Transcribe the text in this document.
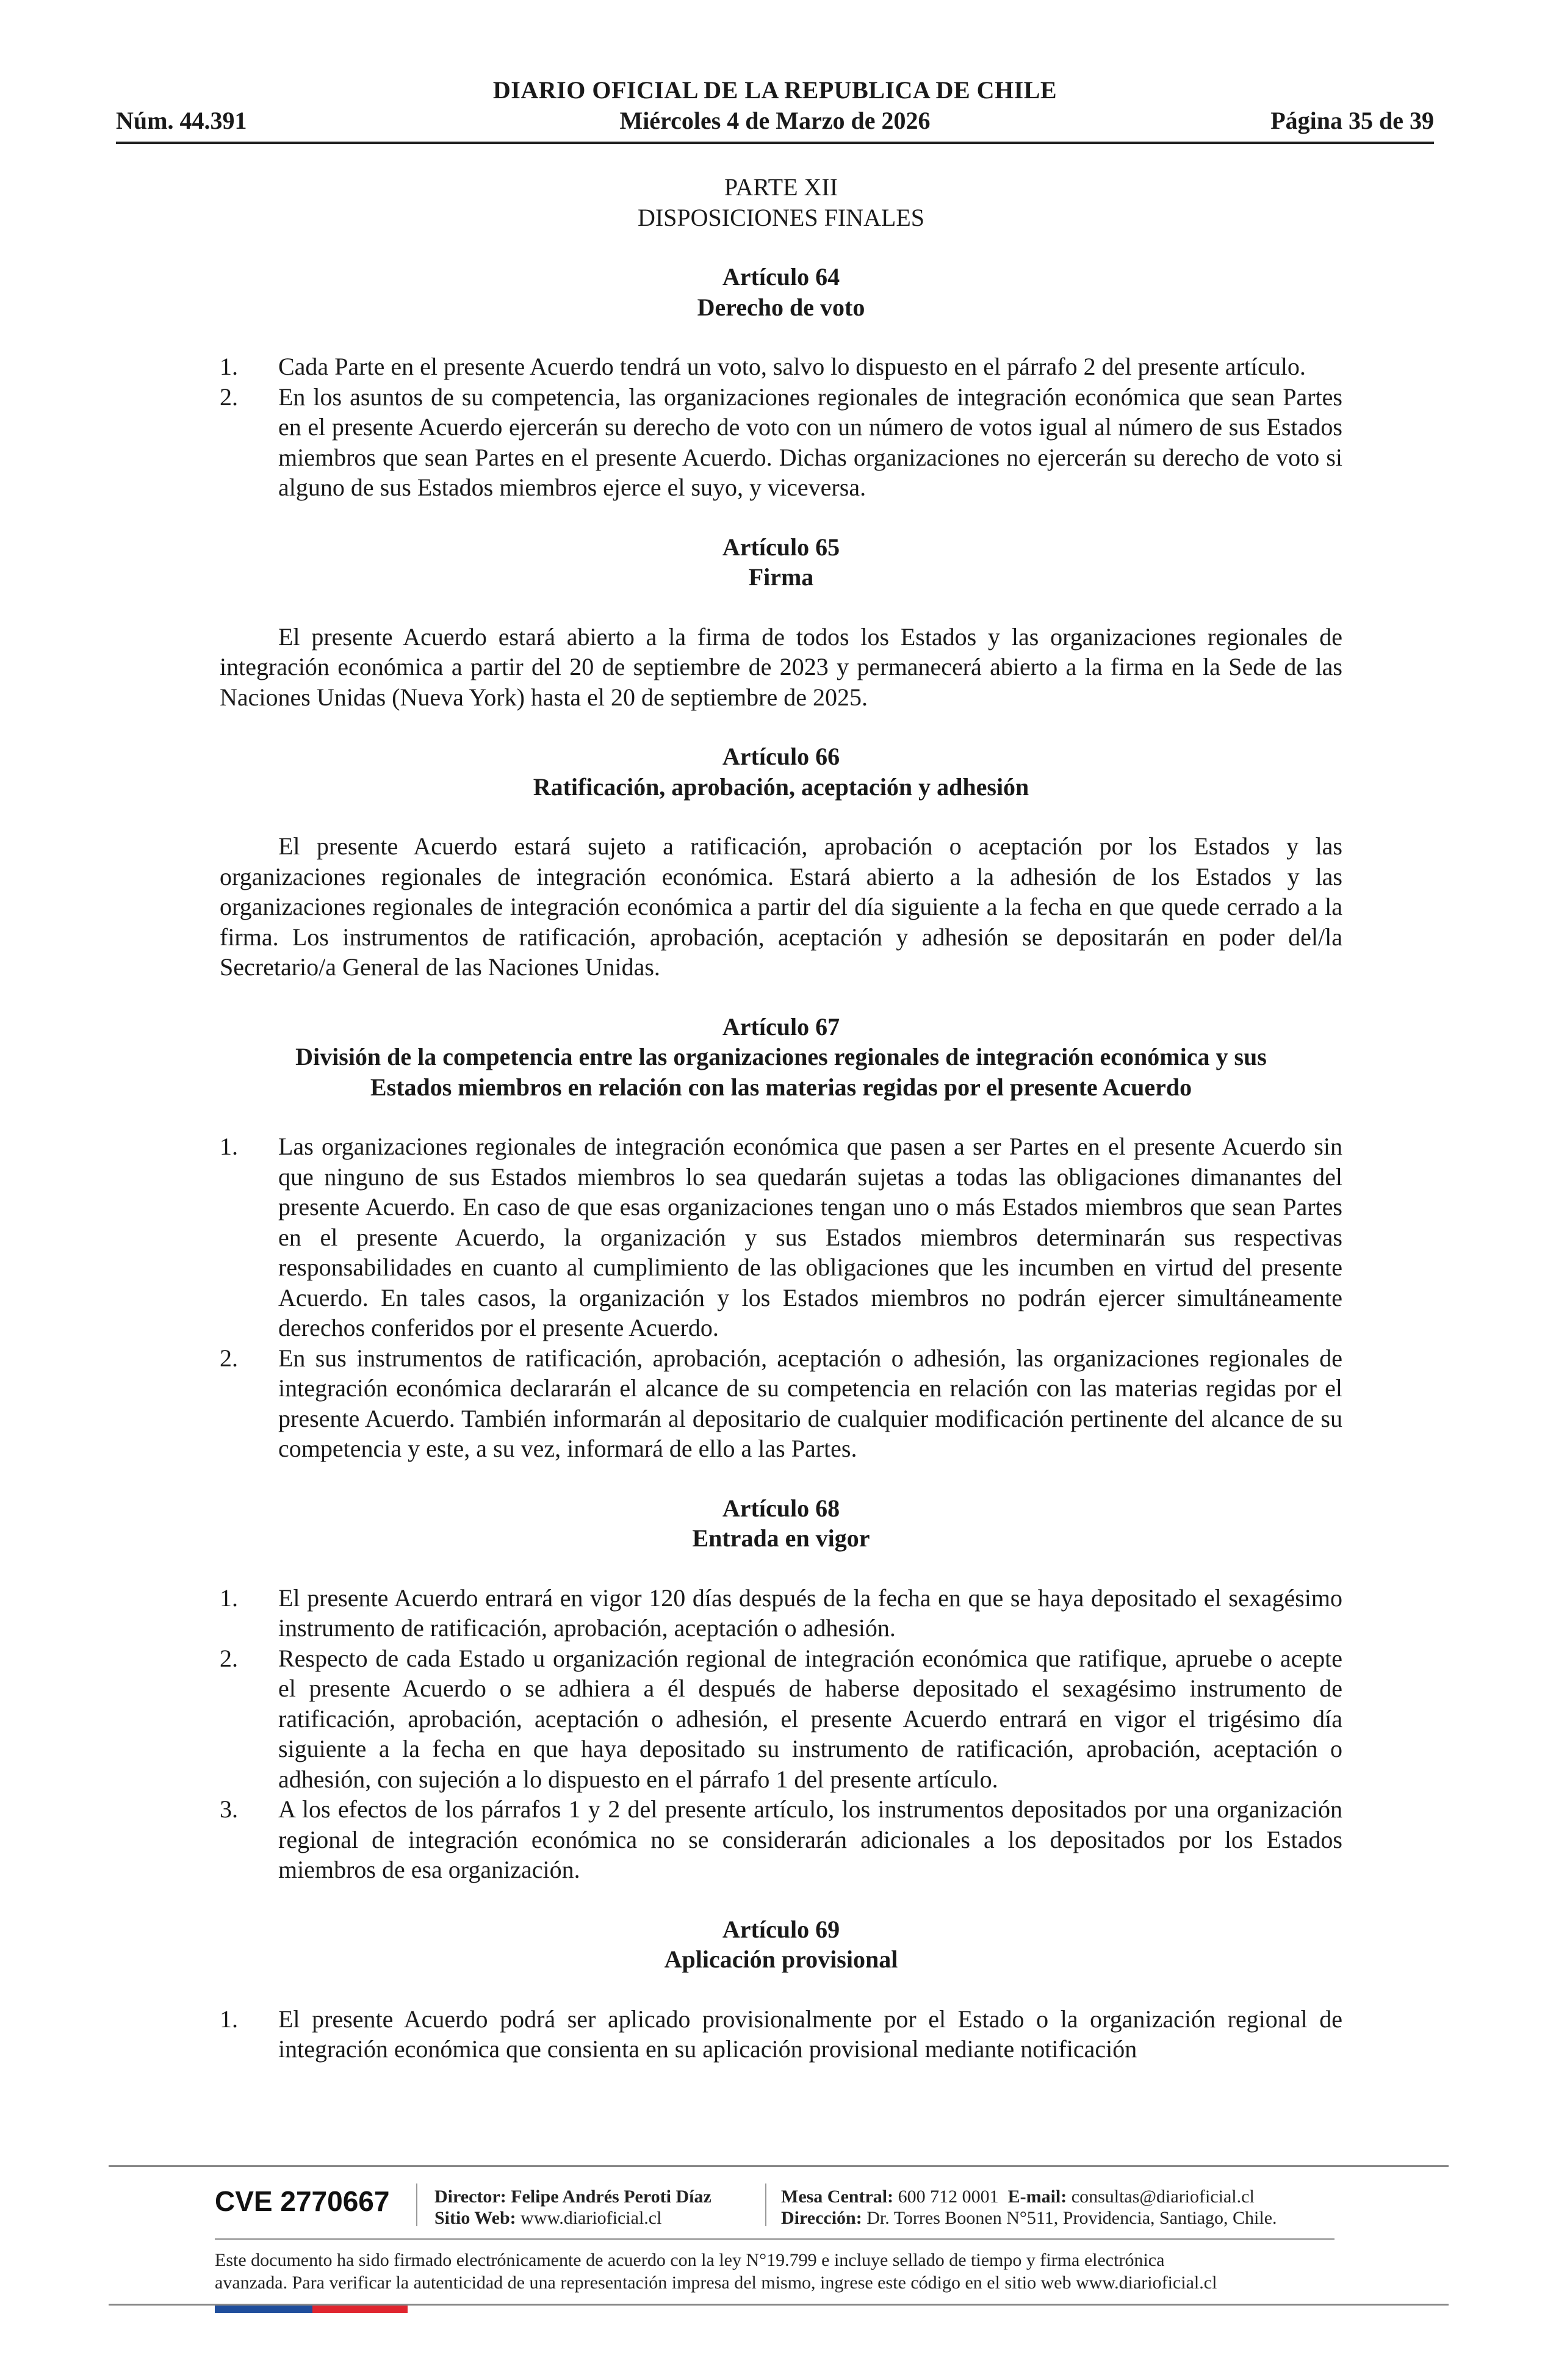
DIARIO OFICIAL DE LA REPUBLICA DE CHILE
Núm. 44.391	Miércoles 4 de Marzo de 2026	Página 35 de 39
PARTE XII
DISPOSICIONES FINALES
Artículo 64
Derecho de voto
1.	Cada Parte en el presente Acuerdo tendrá un voto, salvo lo dispuesto en el párrafo 2 del presente artículo.
2.	En los asuntos de su competencia, las organizaciones regionales de integración económica que sean Partes en el presente Acuerdo ejercerán su derecho de voto con un número de votos igual al número de sus Estados miembros que sean Partes en el presente Acuerdo. Dichas organizaciones no ejercerán su derecho de voto si alguno de sus Estados miembros ejerce el suyo, y viceversa.
Artículo 65
Firma

El presente Acuerdo estará abierto a la firma de todos los Estados y las organizaciones regionales de integración económica a partir del 20 de septiembre de 2023 y permanecerá abierto a la firma en la Sede de las Naciones Unidas (Nueva York) hasta el 20 de septiembre de 2025.

Artículo 66
Ratificación, aprobación, aceptación y adhesión

El presente Acuerdo estará sujeto a ratificación, aprobación o aceptación por los Estados y las organizaciones regionales de integración económica. Estará abierto a la adhesión de los Estados y las organizaciones regionales de integración económica a partir del día siguiente a la fecha en que quede cerrado a la firma. Los instrumentos de ratificación, aprobación, aceptación y adhesión se depositarán en poder del/la Secretario/a General de las Naciones Unidas.

Artículo 67
División de la competencia entre las organizaciones regionales de integración económica y sus
Estados miembros en relación con las materias regidas por el presente Acuerdo
1.	Las organizaciones regionales de integración económica que pasen a ser Partes en el presente Acuerdo sin que ninguno de sus Estados miembros lo sea quedarán sujetas a todas las obligaciones dimanantes del presente Acuerdo. En caso de que esas organizaciones tengan uno o más Estados miembros que sean Partes en el presente Acuerdo, la organización y sus Estados miembros determinarán sus respectivas responsabilidades en cuanto al cumplimiento de las obligaciones que les incumben en virtud del presente Acuerdo. En tales casos, la organización y los Estados miembros no podrán ejercer simultáneamente derechos conferidos por el presente Acuerdo.
2.	En sus instrumentos de ratificación, aprobación, aceptación o adhesión, las organizaciones regionales de integración económica declararán el alcance de su competencia en relación con las materias regidas por el presente Acuerdo. También informarán al depositario de cualquier modificación pertinente del alcance de su competencia y este, a su vez, informará de ello a las Partes.
Artículo 68
Entrada en vigor
1.	El presente Acuerdo entrará en vigor 120 días después de la fecha en que se haya depositado el sexagésimo instrumento de ratificación, aprobación, aceptación o adhesión.
2.	Respecto de cada Estado u organización regional de integración económica que ratifique, apruebe o acepte el presente Acuerdo o se adhiera a él después de haberse depositado el sexagésimo instrumento de ratificación, aprobación, aceptación o adhesión, el presente Acuerdo entrará en vigor el trigésimo día siguiente a la fecha en que haya depositado su instrumento de ratificación, aprobación, aceptación o adhesión, con sujeción a lo dispuesto en el párrafo 1 del presente artículo.
3.	A los efectos de los párrafos 1 y 2 del presente artículo, los instrumentos depositados por una organización regional de integración económica no se considerarán adicionales a los depositados por los Estados miembros de esa organización.
Artículo 69
Aplicación provisional
1.	El presente Acuerdo podrá ser aplicado provisionalmente por el Estado o la organización regional de integración económica que consienta en su aplicación provisional mediante notificación
CVE 2770667 Director: Felipe Andrés Peroti Díaz
Sitio Web: www.diarioficial.cl
Mesa Central: 600 712 0001 E-mail: consultas@diarioficial.cl
Dirección: Dr. Torres Boonen N°511, Providencia, Santiago, Chile.
Este documento ha sido firmado electrónicamente de acuerdo con la ley N°19.799 e incluye sellado de tiempo y firma electrónica
avanzada. Para verificar la autenticidad de una representación impresa del mismo, ingrese este código en el sitio web www.diarioficial.cl
